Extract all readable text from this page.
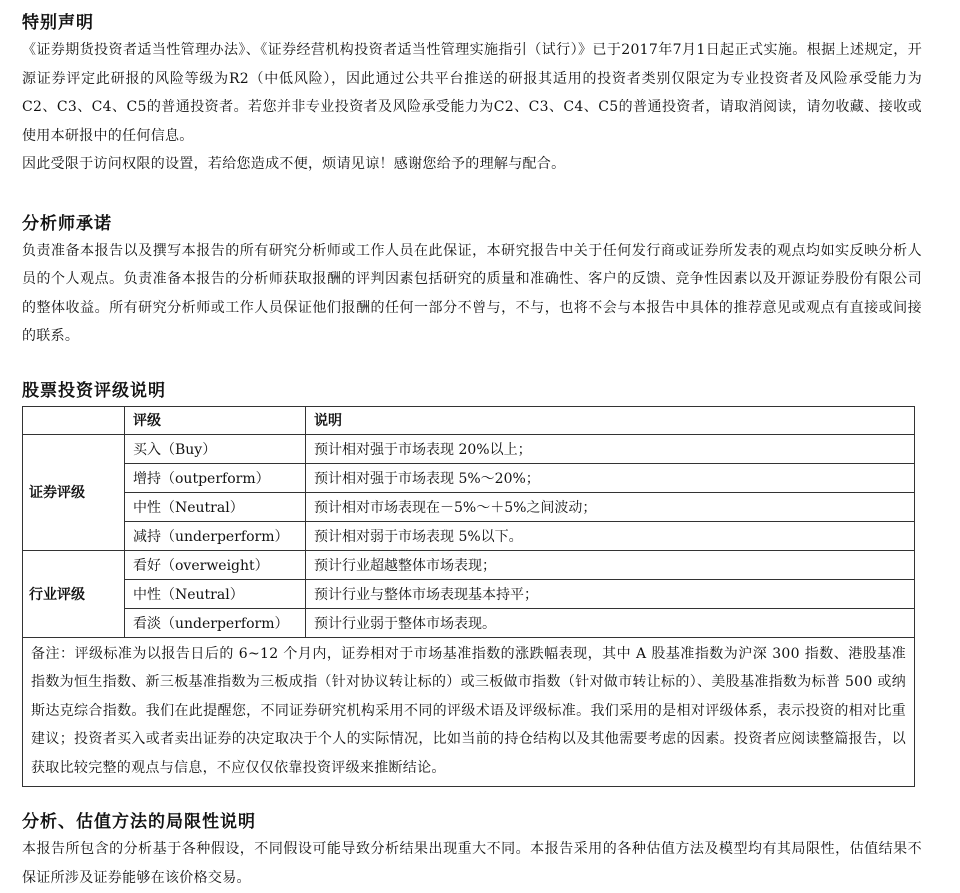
特别声明

《证券期货投资者适当性管理办法》、《证券经营机构投资者适当性管理实施指引（试行）》已于2017年7月1日起正式实施。根据上述规定，开源证券评定此研报的风险等级为R2（中低风险），因此通过公共平台推送的研报其适用的投资者类别仅限定为专业投资者及风险承受能力为C2、C3、C4、C5的普通投资者。若您并非专业投资者及风险承受能力为C2、C3、C4、C5的普通投资者，请取消阅读，请勿收藏、接收或使用本研报中的任何信息。

因此受限于访问权限的设置，若给您造成不便，烦请见谅！感谢您给予的理解与配合。

分析师承诺

负责准备本报告以及撰写本报告的所有研究分析师或工作人员在此保证，本研究报告中关于任何发行商或证券所发表的观点均如实反映分析人员的个人观点。负责准备本报告的分析师获取报酬的评判因素包括研究的质量和准确性、客户的反馈、竞争性因素以及开源证券股份有限公司的整体收益。所有研究分析师或工作人员保证他们报酬的任何一部分不曾与，不与，也将不会与本报告中具体的推荐意见或观点有直接或间接的联系。

股票投资评级说明
	评级	说明
证券评级	买入（Buy）	预计相对强于市场表现 20%以上；
	增持（outperform）	预计相对强于市场表现 5%～20%；
	中性（Neutral）	预计相对市场表现在－5%～＋5%之间波动；
	减持（underperform）	预计相对弱于市场表现 5%以下。
行业评级	看好（overweight）	预计行业超越整体市场表现；
	中性（Neutral）	预计行业与整体市场表现基本持平；
	看淡（underperform）	预计行业弱于整体市场表现。
备注：评级标准为以报告日后的 6~12 个月内，证券相对于市场基准指数的涨跌幅表现，其中 A 股基准指数为沪深 300 指数、港股基准指数为恒生指数、新三板基准指数为三板成指（针对协议转让标的）或三板做市指数（针对做市转让标的）、美股基准指数为标普 500 或纳斯达克综合指数。我们在此提醒您，不同证券研究机构采用不同的评级术语及评级标准。我们采用的是相对评级体系，表示投资的相对比重建议；投资者买入或者卖出证券的决定取决于个人的实际情况，比如当前的持仓结构以及其他需要考虑的因素。投资者应阅读整篇报告，以获取比较完整的观点与信息，不应仅仅依靠投资评级来推断结论。		
分析、估值方法的局限性说明

本报告所包含的分析基于各种假设，不同假设可能导致分析结果出现重大不同。本报告采用的各种估值方法及模型均有其局限性，估值结果不保证所涉及证券能够在该价格交易。
